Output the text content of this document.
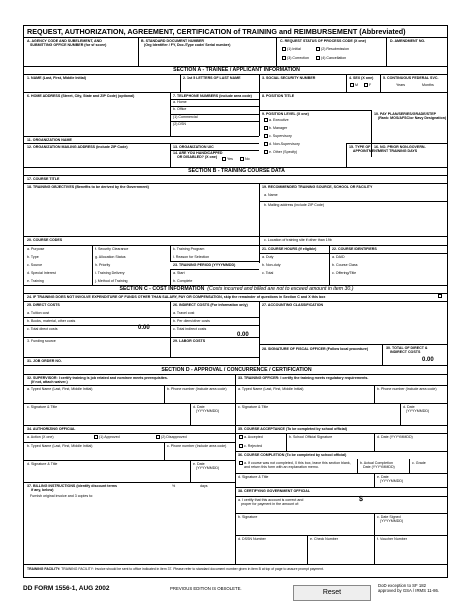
REQUEST, AUTHORIZATION, AGREEMENT, CERTIFICATION of TRAINING and REIMBURSEMENT (Abbreviated)
A. AGENCY CODE AND SUBELEMENT, AND
SUBMITTING OFFICE NUMBER (for sf score)
B. STANDARD DOCUMENT NUMBER
(Org Identifier / FY, Doc./Type code/ Serial number)
C. REQUEST STATUS OF PROCESS CODE (X one)
(1) Initial	(2) Resubmission
(3) Correction	(4) Cancellation
D. AMENDMENT NO.
SECTION A - TRAINEE / APPLICANT INFORMATION
1. NAME (Last, First, Middle Initial)	2. 1st 5 LETTERS OF LAST NAME	3. SOCIAL SECURITY NUMBER	4. SEX (X one)
M	F
5. CONTINUOUS FEDERAL SVC.
Years	Months
6. HOME ADDRESS (Street, City, State and ZIP Code) (optional)	7. TELEPHONE NUMBERS (include area code)
a. Home
b. Office
(1) Commercial
(2) DSN
8. POSITION TITLE
9. POSITION LEVEL (X one)
a. Executive
b. Manager
c. Supervisory
d. Non-Supervisory
e. Other (Specify)
10. PAY PLAN/SERIES/GRADE/STEP
(Rank: MOS/AFSC/or Navy Designation)
11. ORGANIZATION NAME
12. ORGANIZATION MAILING ADDRESS (include ZIP Code)	13. ORGANIZATION UIC
14. ARE YOU HANDICAPPED
OR DISABLED? (X one)	Yes	No
15. TYPE OF
APPOINTMENT
16. NO. PRIOR NON-GOVERN-
MENT TRAINING DAYS
SECTION B - TRAINING COURSE DATA
17. COURSE TITLE
18. TRAINING OBJECTIVES (Benefits to be derived by the Government)	19. RECOMMENDED TRAINING SOURCE, SCHOOL OR FACILITY
a. Name
b. Mailing address (include ZIP Code)
20. COURSE CODES	c. Location of training site if other than 19b
a. Purpose
b. Type
c. Source
d. Special Interest
e. Training
f. Security Clearance
g. Allocation Status
h. Priority
i. Training Delivery
j. Method of Training
k. Training Program
l. Reason for Selection
23. TRAINING PERIOD (YYYYMMDD)
a. Start
b. Complete
21. COURSE HOURS (If eligible)	22. COURSE IDENTIFIERS
a. Duty
b. Non-duty
c. Total
a. DAID
b. Course Class
c. Offering/Title
SECTION C - COST INFORMATION (Costs incurred and billed are not to exceed amount in item 30.)
24. IF TRAINING DOES NOT INVOLVE EXPENDITURE OF FUNDS OTHER THAN SALARY, PAY OR COMPENSATION, skip the remainder of questions in Section C and X this box
25. DIRECT COSTS
a. Tuition cost
b. Books, material, other costs
c. Total direct costs	0.00
26. INDIRECT COSTS (For information only)
a. Travel cost
b. Per diem/other costs
c. Total indirect costs
0.00
27. ACCOUNTING CLASSIFICATION
3. Funding source	29. LABOR COSTS
28. SIGNATURE OF FISCAL OFFICER (Follow local procedure)	30. TOTAL OF DIRECT &
INDIRECT COSTS
0.00
31. JOB ORDER NO.
SECTION D - APPROVAL / CONCURRENCE / CERTIFICATION
32. SUPERVISOR: I certify training is job related and nominee meets prerequisites.
(If not, attach waiver.)
33. TRAINING OFFICER: I certify the training meets regulatory requirements.
a. Typed Name (Last, First, Middle Initial)	b. Phone number (Include area code)	a. Typed Name (Last, First, Middle Initial)	b. Phone number (Include area code)
c. Signature & Title	d. Date
(YYYYMMDD)
c. Signature & Title	d. Date
(YYYYMMDD)
34. AUTHORIZING OFFICIAL
a. Action (X one)	(1) Approved	(2) Disapproved
b. Typed Name (Last, First, Middle Initial)	c. Phone number (Include area code)
d. Signature & Title	e. Date
(YYYYMMDD)
35. COURSE ACCEPTANCE (To be completed by school official)
a. Accepted	b. School Official Signature
c. Rejected
d. Date (YYYYMMDD)
36. COURSE COMPLETION (To be completed by school official)
a. If course was not completed, X this box, leave this section blank, and return this form with an explanation memo.
b. Actual Completion
Date (YYYYMMDD)
c. Grade
d. Signature & Title	e. Date
(YYYYMMDD)
37. BILLING INSTRUCTIONS (identify discount terms
if any, below)
%	days
Furnish original invoice and 3 copies to:
38. CERTIFYING GOVERNMENT OFFICIAL
a. I certify that this account is correct and
proper for payment in the amount of:
$
b. Signature	c. Date Signed
(YYYYMMDD)
d. DSSN Number	e. Check Number	f. Voucher Number
TRAINING FACILITY: TRAINING FACILITY: Invoice should be sent to office indicated in item 37. Please refer to standard document number given in item B at top of page to assure prompt payment.
DD FORM 1556-1, AUG 2002	PREVIOUS EDITION IS OBSOLETE.
Reset
DoD exception to SF 182
approved by GSA / IRMS 11-86.
